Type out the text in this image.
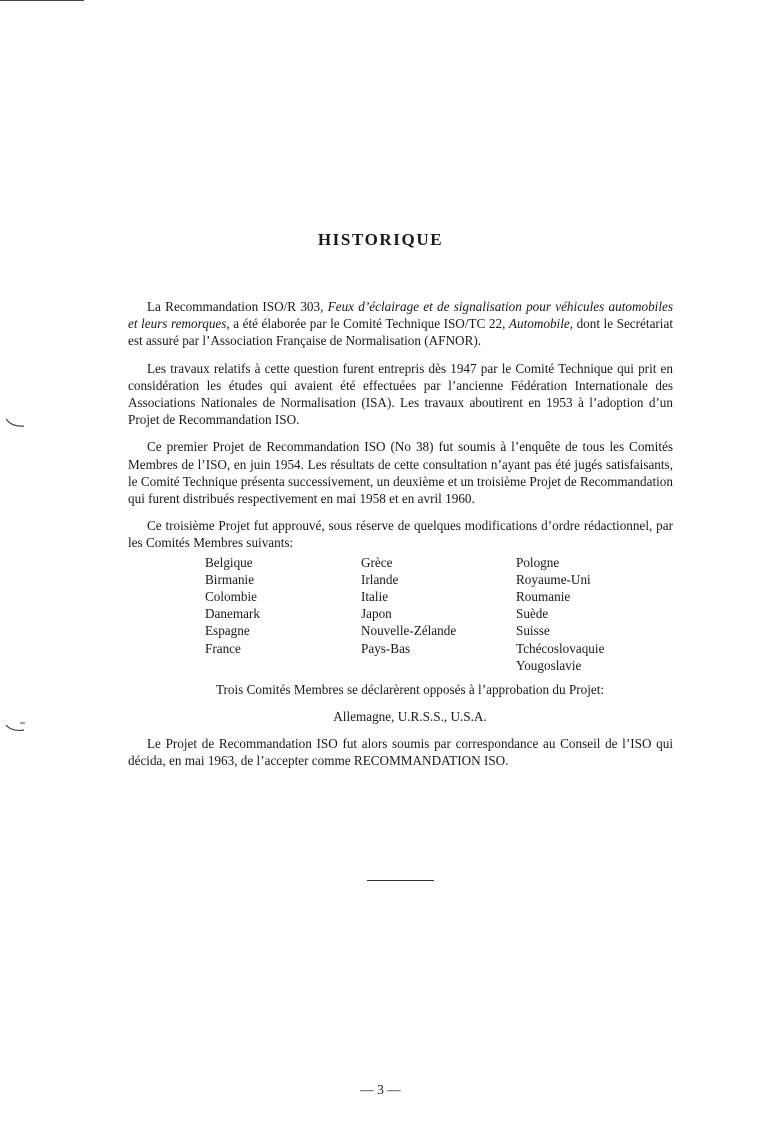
HISTORIQUE

La Recommandation ISO/R 303, Feux d’éclairage et de signalisation pour véhicules automobiles et leurs remorques, a été élaborée par le Comité Technique ISO/TC 22, Automobile, dont le Secrétariat est assuré par l’Association Française de Normalisation (AFNOR).

Les travaux relatifs à cette question furent entrepris dès 1947 par le Comité Technique qui prit en considération les études qui avaient été effectuées par l’ancienne Fédération Internationale des Associations Nationales de Normalisation (ISA). Les travaux aboutirent en 1953 à l’adoption d’un Projet de Recommandation ISO.

Ce premier Projet de Recommandation ISO (No 38) fut soumis à l’enquête de tous les Comités Membres de l’ISO, en juin 1954. Les résultats de cette consultation n’ayant pas été jugés satisfaisants, le Comité Technique présenta successivement, un deuxième et un troisième Projet de Recommandation qui furent distribués respectivement en mai 1958 et en avril 1960.

Ce troisième Projet fut approuvé, sous réserve de quelques modifications d’ordre rédactionnel, par les Comités Membres suivants:

Belgique
Birmanie
Colombie
Danemark
Espagne
France
Grèce
Irlande
Italie
Japon
Nouvelle-Zélande
Pays-Bas
Pologne
Royaume-Uni
Roumanie
Suède
Suisse
Tchécoslovaquie
Yougoslavie

Trois Comités Membres se déclarèrent opposés à l’approbation du Projet:

Allemagne, U.R.S.S., U.S.A.

Le Projet de Recommandation ISO fut alors soumis par correspondance au Conseil de l’ISO qui décida, en mai 1963, de l’accepter comme RECOMMANDATION ISO.

— 3 —
